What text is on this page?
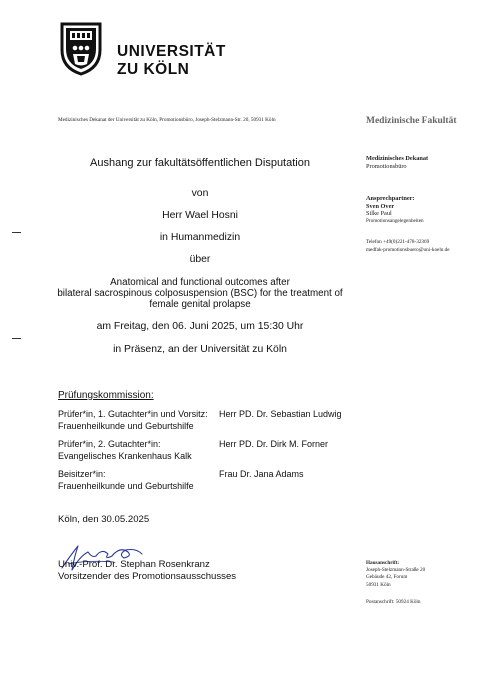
UNIVERSITÄT
ZU KÖLN
Medizinisches Dekanat der Universität zu Köln, Promotionsbüro, Joseph-Stelzmann-Str. 20, 50931 Köln	Medizinische Fakultät
Medizinisches Dekanat
Promotionsbüro
Ansprechpartner:
Sven Over
Silke Paul
Promotionsangelegenheiten
Telefon +49(0)221-478-32369
medfak-promotionsbuero@uni-koeln.de
Aushang zur fakultätsöffentlichen Disputation
von
Herr Wael Hosni
in Humanmedizin
über
Anatomical and functional outcomes after
bilateral sacrospinous colposuspension (BSC) for the treatment of
female genital prolapse
am Freitag, den 06. Juni 2025, um 15:30 Uhr
in Präsenz, an der Universität zu Köln
Prüfungskommission:
Prüfer*in, 1. Gutachter*in und Vorsitz:
Frauenheilkunde und Geburtshilfe
Herr PD. Dr. Sebastian Ludwig
Prüfer*in, 2. Gutachter*in:
Evangelisches Krankenhaus Kalk
Herr PD. Dr. Dirk M. Forner
Beisitzer*in:
Frauenheilkunde und Geburtshilfe
Frau Dr. Jana Adams
Köln, den 30.05.2025
Univ.-Prof. Dr. Stephan Rosenkranz
Vorsitzender des Promotionsausschusses
Hausanschrift:
Joseph-Stelzmann-Straße 20
Gebäude 42, Forum
50931 Köln
Postanschrift: 50924 Köln
